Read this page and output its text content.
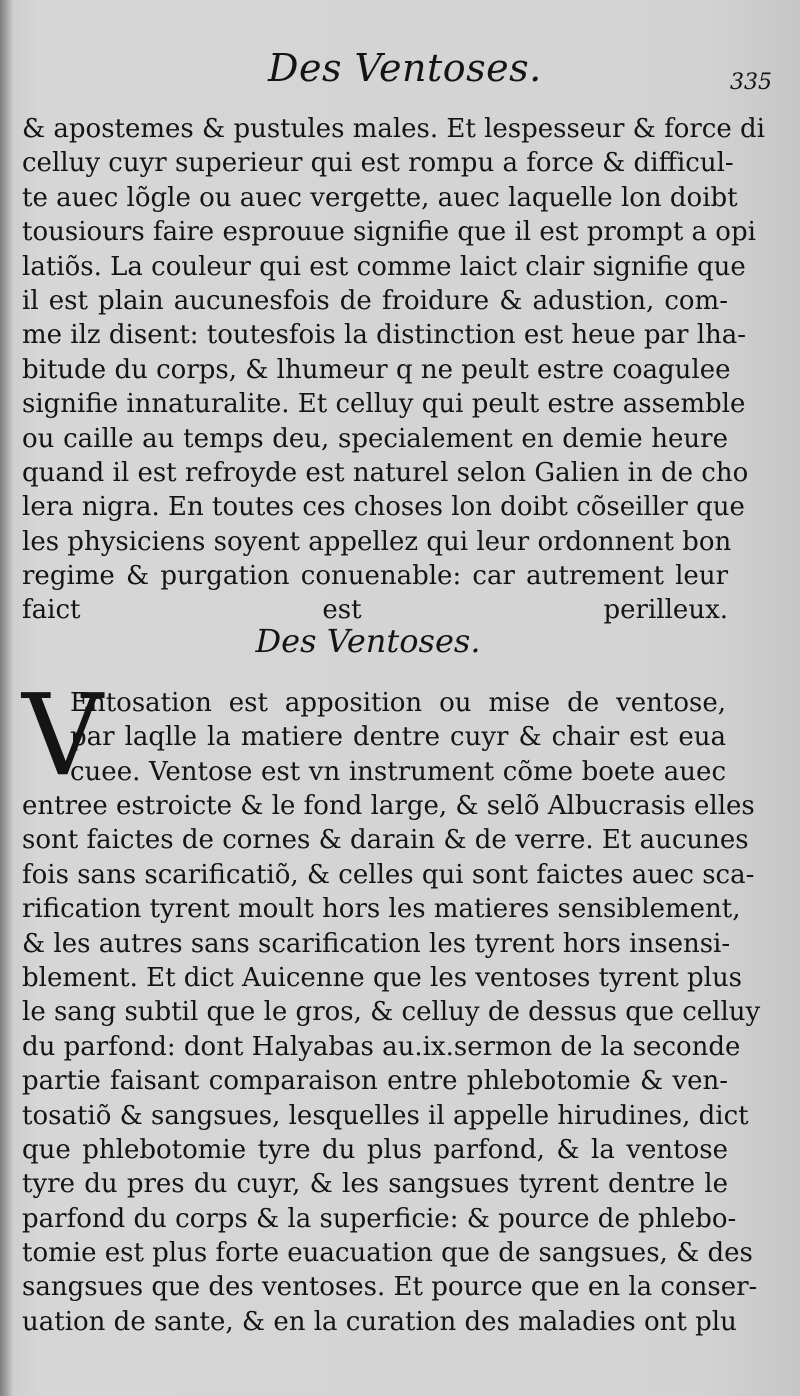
Des Ventoses.	335
& apostemes & pustules males. Et lespesseur & force di
celluy cuyr superieur qui est rompu a force & difficul-
te auec lõgle ou auec vergette, auec laquelle lon doibt
tousiours faire esprouue signifie que il est prompt a opi
latiõs. La couleur qui est comme laict clair signifie que
il est plain aucunesfois de froidure & adustion, com-
me ilz disent: toutesfois la distinction est heue par lha-
bitude du corps, & lhumeur q ne peult estre coagulee
signifie innaturalite. Et celluy qui peult estre assemble
ou caille au temps deu, specialement en demie heure
quand il est refroyde est naturel selon Galien in de cho
lera nigra. En toutes ces choses lon doibt cõseiller que
les physiciens soyent appellez qui leur ordonnent bon
regime & purgation conuenable: car autrement leur
faict est perilleux.
Des Ventoses.
V
Entosation est apposition ou mise de ventose,
par laqlle la matiere dentre cuyr & chair est eua
cuee. Ventose est vn instrument cõme boete auec
entree estroicte & le fond large, & selõ Albucrasis elles
sont faictes de cornes & darain & de verre. Et aucunes
fois sans scarificatiõ, & celles qui sont faictes auec sca-
rification tyrent moult hors les matieres sensiblement,
& les autres sans scarification les tyrent hors insensi-
blement. Et dict Auicenne que les ventoses tyrent plus
le sang subtil que le gros, & celluy de dessus que celluy
du parfond: dont Halyabas au.ix.sermon de la seconde
partie faisant comparaison entre phlebotomie & ven-
tosatiõ & sangsues, lesquelles il appelle hirudines, dict
que phlebotomie tyre du plus parfond, & la ventose
tyre du pres du cuyr, & les sangsues tyrent dentre le
parfond du corps & la superficie: & pource de phlebo-
tomie est plus forte euacuation que de sangsues, & des
sangsues que des ventoses. Et pource que en la conser-
uation de sante, & en la curation des maladies ont plu
